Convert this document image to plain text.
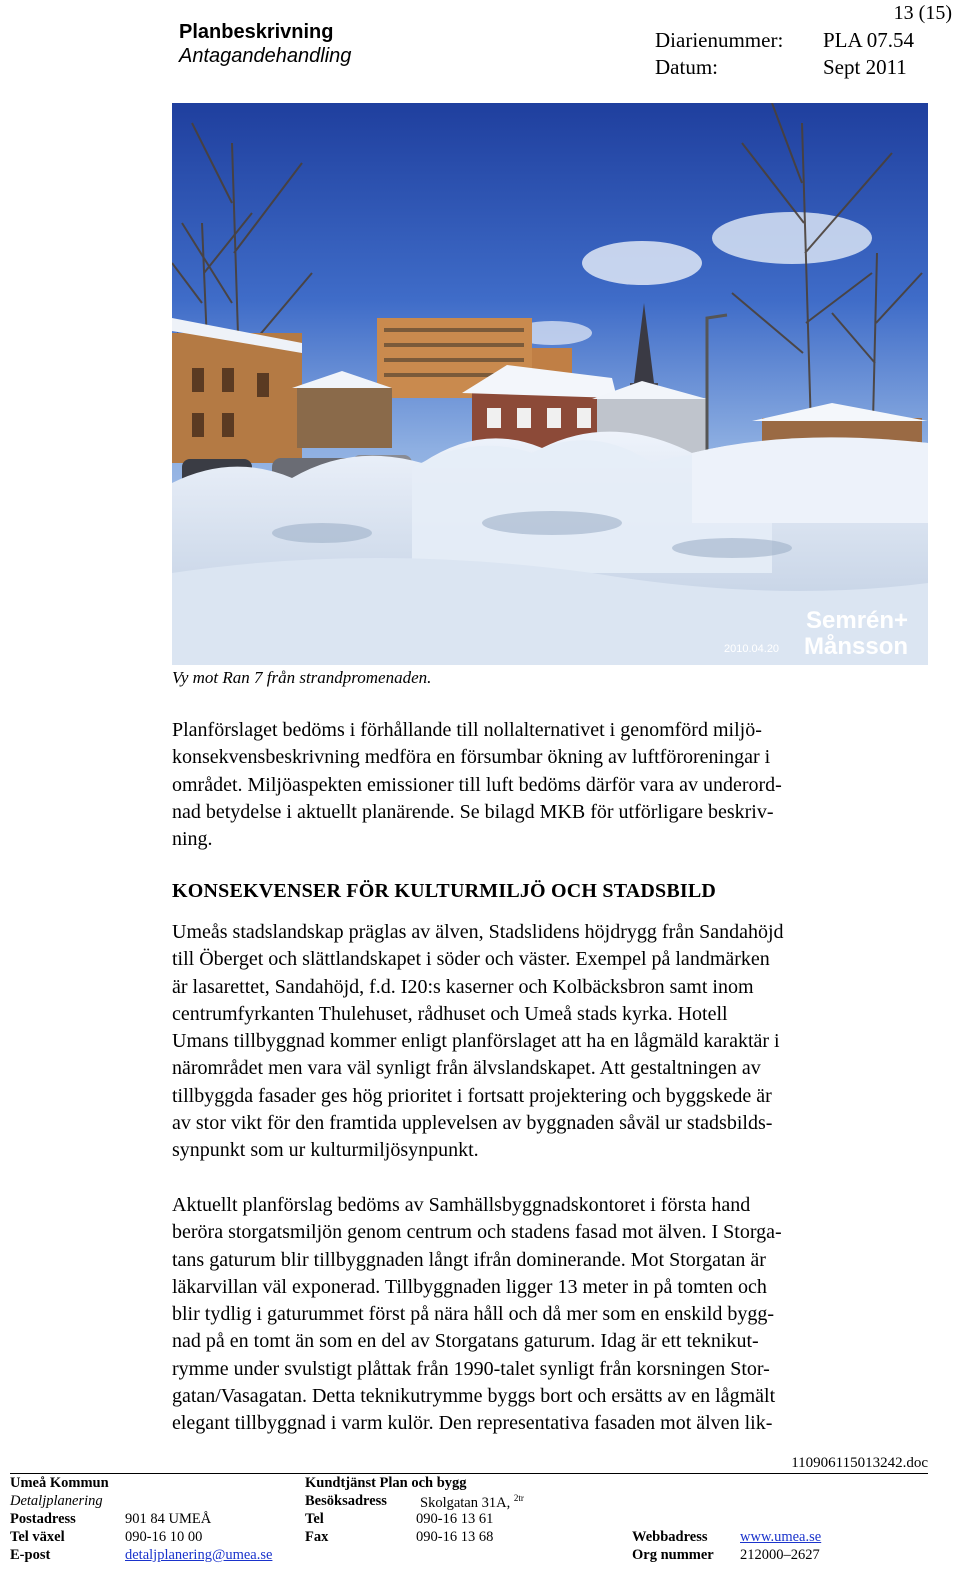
Planbeskrivning
Antagandehandling
13 (15)
Diarienummer: PLA 07.54
Datum:	Sept 2011
Semrén+
Månsson
2010.04.20
Vy mot Ran 7 från strandpromenaden.
Planförslaget bedöms i förhållande till nollalternativet i genomförd miljö-
konsekvensbeskrivning medföra en försumbar ökning av luftföroreningar i
området. Miljöaspekten emissioner till luft bedöms därför vara av underord-
nad betydelse i aktuellt planärende. Se bilagd MKB för utförligare beskriv-
ning.
KONSEKVENSER FÖR KULTURMILJÖ OCH STADSBILD
Umeås stadslandskap präglas av älven, Stadslidens höjdrygg från Sandahöjd
till Öberget och slättlandskapet i söder och väster. Exempel på landmärken
är lasarettet, Sandahöjd, f.d. I20:s kaserner och Kolbäcksbron samt inom
centrumfyrkanten Thulehuset, rådhuset och Umeå stads kyrka. Hotell
Umans tillbyggnad kommer enligt planförslaget att ha en lågmäld karaktär i
närområdet men vara väl synligt från älvslandskapet. Att gestaltningen av
tillbyggda fasader ges hög prioritet i fortsatt projektering och byggskede är
av stor vikt för den framtida upplevelsen av byggnaden såväl ur stadsbilds-
synpunkt som ur kulturmiljösynpunkt.
Aktuellt planförslag bedöms av Samhällsbyggnadskontoret i första hand
beröra storgatsmiljön genom centrum och stadens fasad mot älven. I Storga-
tans gaturum blir tillbyggnaden långt ifrån dominerande. Mot Storgatan är
läkarvillan väl exponerad. Tillbyggnaden ligger 13 meter in på tomten och
blir tydlig i gaturummet först på nära håll och då mer som en enskild bygg-
nad på en tomt än som en del av Storgatans gaturum. Idag är ett teknikut-
rymme under svulstigt plåttak från 1990-talet synligt från korsningen Stor-
gatan/Vasagatan. Detta teknikutrymme byggs bort och ersätts av en lågmält
elegant tillbyggnad i varm kulör. Den representativa fasaden mot älven lik-
110906115013242.doc
Umeå Kommun
Detaljplanering
Postadress	901 84 UMEÅ
Tel växel	090-16 10 00
E-post	detaljplanering@umea.se
Kundtjänst Plan och bygg
Besöksadress Skolgatan 31A, $^{2tr}$
Tel	090-16 13 61
Fax	090-16 13 68	Webbadress www.umea.se
Org nummer 212000–2627
